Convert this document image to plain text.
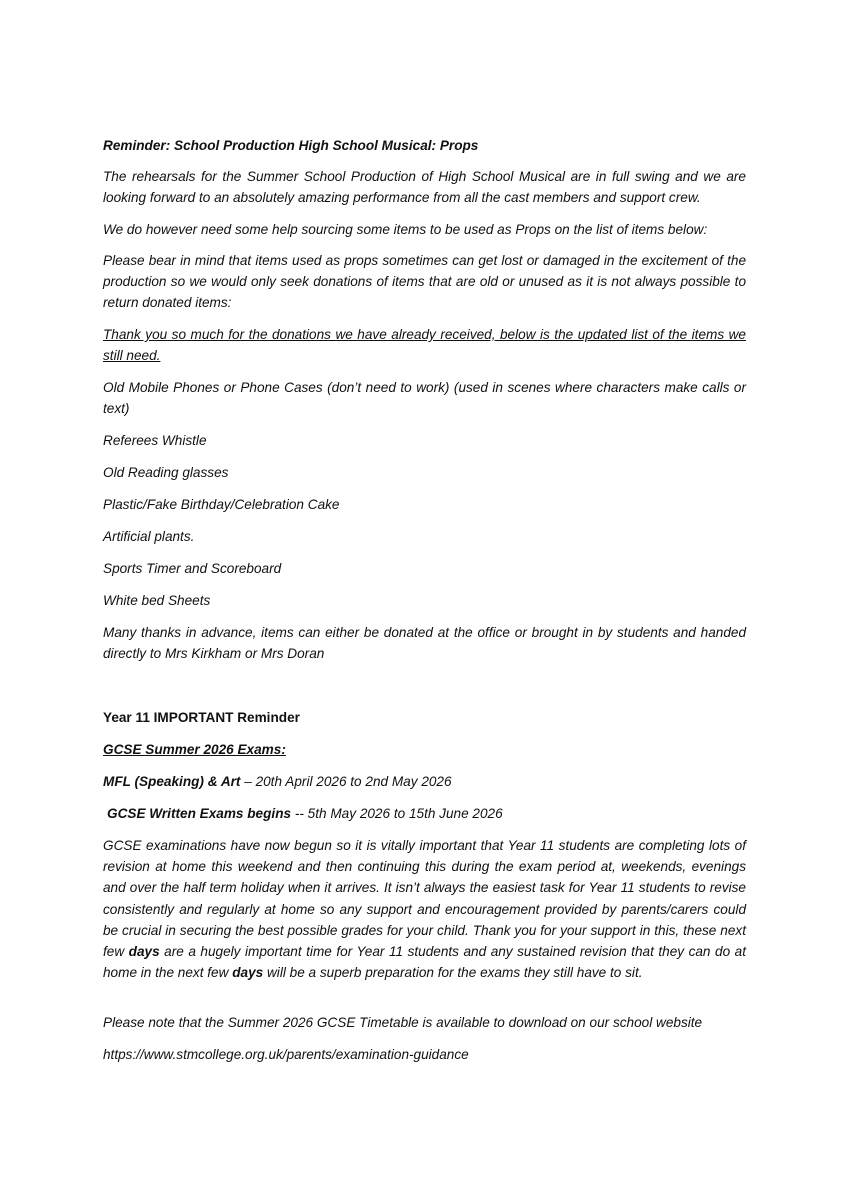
Reminder: School Production High School Musical: Props

The rehearsals for the Summer School Production of High School Musical are in full swing and we are looking forward to an absolutely amazing performance from all the cast members and support crew.

We do however need some help sourcing some items to be used as Props on the list of items below:

Please bear in mind that items used as props sometimes can get lost or damaged in the excitement of the production so we would only seek donations of items that are old or unused as it is not always possible to return donated items:

Thank you so much for the donations we have already received, below is the updated list of the items we still need.

Old Mobile Phones or Phone Cases (don’t need to work) (used in scenes where characters make calls or text)

Referees Whistle

Old Reading glasses

Plastic/Fake Birthday/Celebration Cake

Artificial plants.

Sports Timer and Scoreboard

White bed Sheets

Many thanks in advance, items can either be donated at the office or brought in by students and handed directly to Mrs Kirkham or Mrs Doran

Year 11 IMPORTANT Reminder

GCSE Summer 2026 Exams:

MFL (Speaking) & Art – 20th April 2026 to 2nd May 2026

GCSE Written Exams begins -- 5th May 2026 to 15th June 2026

GCSE examinations have now begun so it is vitally important that Year 11 students are completing lots of revision at home this weekend and then continuing this during the exam period at, weekends, evenings and over the half term holiday when it arrives. It isn’t always the easiest task for Year 11 students to revise consistently and regularly at home so any support and encouragement provided by parents/carers could be crucial in securing the best possible grades for your child. Thank you for your support in this, these next few days are a hugely important time for Year 11 students and any sustained revision that they can do at home in the next few days will be a superb preparation for the exams they still have to sit.

Please note that the Summer 2026 GCSE Timetable is available to download on our school website

https://www.stmcollege.org.uk/parents/examination-guidance
